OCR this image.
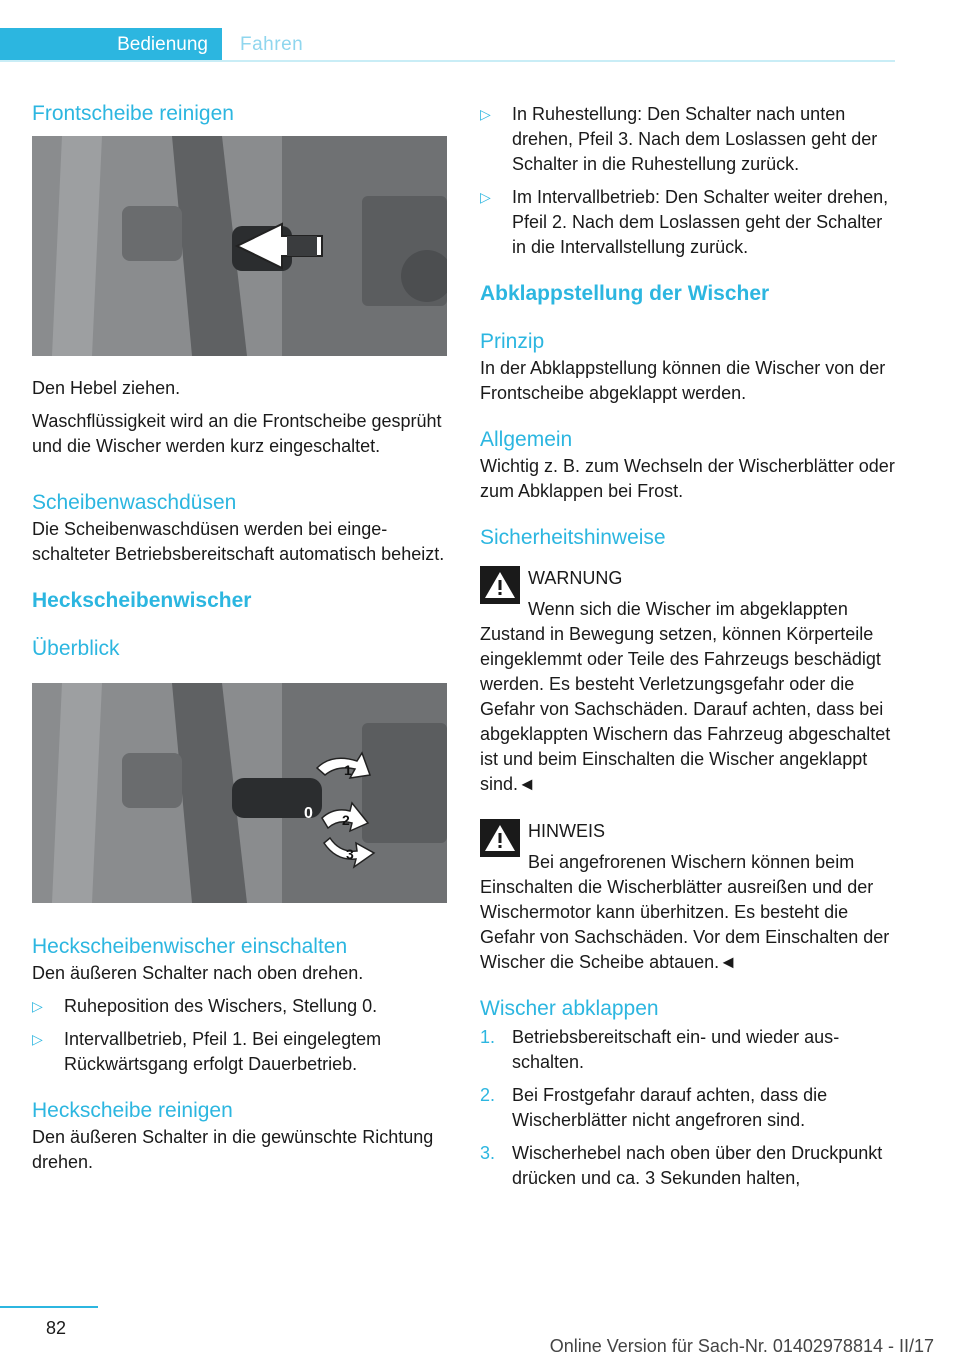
Bedienung	Fahren
Frontscheibe reinigen

Den Hebel ziehen.

Waschflüssigkeit wird an die Frontscheibe gesprüht und die Wischer werden kurz eingeschaltet.

Scheibenwaschdüsen

Die Scheibenwaschdüsen werden bei eingeschalteter Betriebsbereitschaft automatisch beheizt.

Heckscheibenwischer
Überblick
1
0 2
3
Heckscheibenwischer einschalten

Den äußeren Schalter nach oben drehen.

▷ Ruheposition des Wischers, Stellung 0.
▷ Intervallbetrieb, Pfeil 1. Bei eingelegtem Rückwärtsgang erfolgt Dauerbetrieb.
Heckscheibe reinigen

Den äußeren Schalter in die gewünschte Richtung drehen.

▷ In Ruhestellung: Den Schalter nach unten drehen, Pfeil 3. Nach dem Loslassen geht der Schalter in die Ruhestellung zurück.
▷ Im Intervallbetrieb: Den Schalter weiter drehen, Pfeil 2. Nach dem Loslassen geht der Schalter in die Intervallstellung zurück.
Abklappstellung der Wischer
Prinzip

In der Abklappstellung können die Wischer von der Frontscheibe abgeklappt werden.

Allgemein

Wichtig z. B. zum Wechseln der Wischerblätter oder zum Abklappen bei Frost.

Sicherheitshinweise
WARNUNG
Wenn sich die Wischer im abgeklappten

Zustand in Bewegung setzen, können Körperteile eingeklemmt oder Teile des Fahrzeugs beschädigt werden. Es besteht Verletzungsgefahr oder die Gefahr von Sachschäden. Darauf achten, dass bei abgeklappten Wischern das Fahrzeug abgeschaltet ist und beim Einschalten die Wischer angeklappt sind.◄

HINWEIS
Bei angefrorenen Wischern können beim

Einschalten die Wischerblätter ausreißen und der Wischermotor kann überhitzen. Es besteht die Gefahr von Sachschäden. Vor dem Einschalten der Wischer die Scheibe abtauen.◄

Wischer abklappen
1. Betriebsbereitschaft ein- und wieder ausschalten.
2. Bei Frostgefahr darauf achten, dass die Wischerblätter nicht angefroren sind.
3. Wischerhebel nach oben über den Druckpunkt drücken und ca. 3 Sekunden halten,
82
Online Version für Sach-Nr. 01402978814 - II/17
